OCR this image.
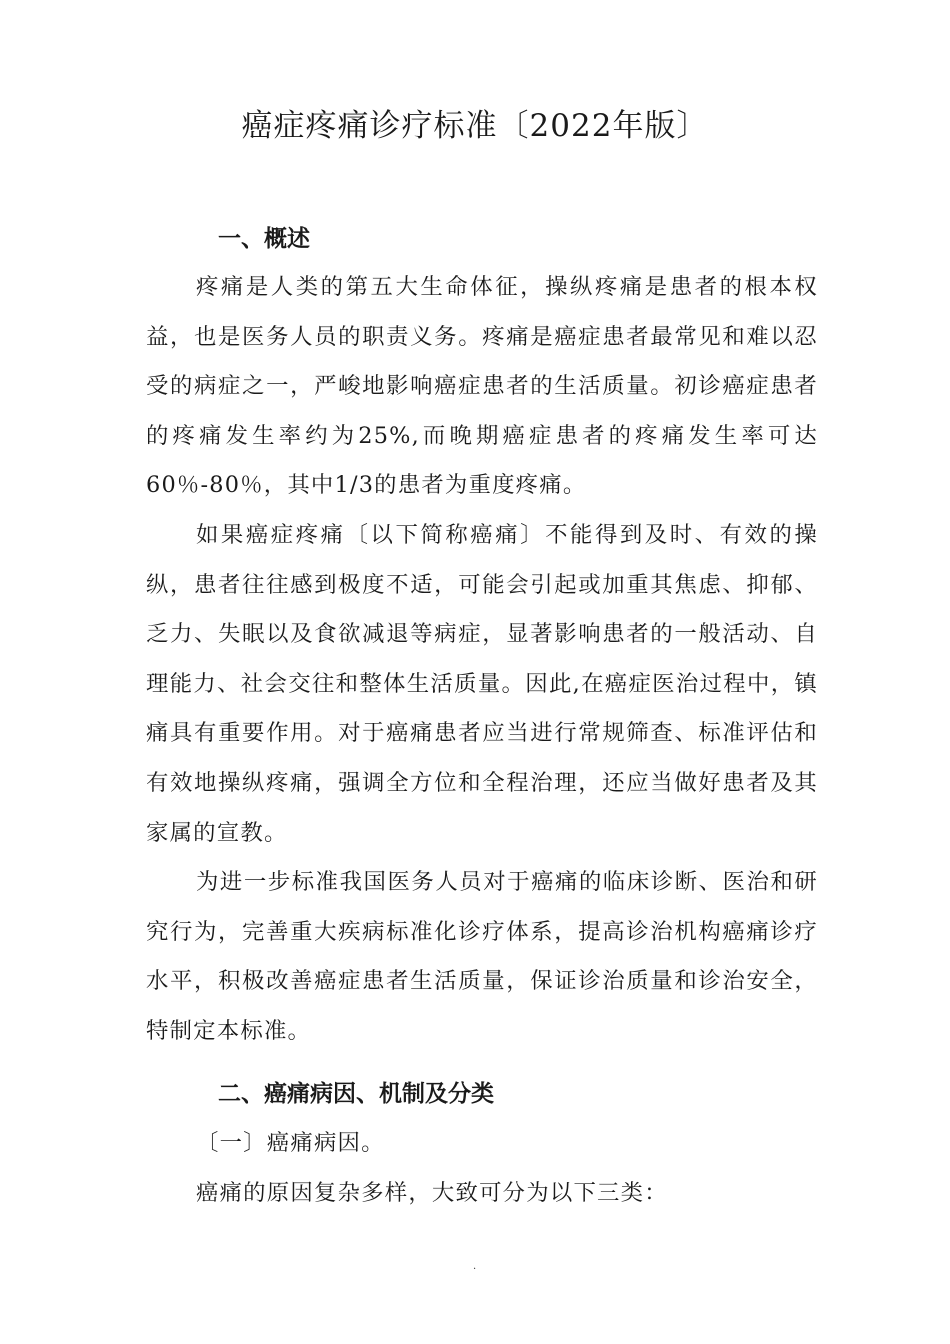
癌症疼痛诊疗标准〔2022年版〕
一、概述

疼痛是人类的第五大生命体征，操纵疼痛是患者的根本权益，也是医务人员的职责义务。疼痛是癌症患者最常见和难以忍受的病症之一，严峻地影响癌症患者的生活质量。初诊癌症患者的疼痛发生率约为25%,而晚期癌症患者的疼痛发生率可达60％-80％，其中1/3的患者为重度疼痛。

如果癌症疼痛〔以下简称癌痛〕不能得到及时、有效的操纵，患者往往感到极度不适，可能会引起或加重其焦虑、抑郁、乏力、失眠以及食欲减退等病症，显著影响患者的一般活动、自理能力、社会交往和整体生活质量。因此,在癌症医治过程中，镇痛具有重要作用。对于癌痛患者应当进行常规筛查、标准评估和有效地操纵疼痛，强调全方位和全程治理，还应当做好患者及其家属的宣教。

为进一步标准我国医务人员对于癌痛的临床诊断、医治和研究行为，完善重大疾病标准化诊疗体系，提高诊治机构癌痛诊疗水平，积极改善癌症患者生活质量，保证诊治质量和诊治安全，特制定本标准。

二、癌痛病因、机制及分类

〔一〕癌痛病因。

癌痛的原因复杂多样，大致可分为以下三类：

.
